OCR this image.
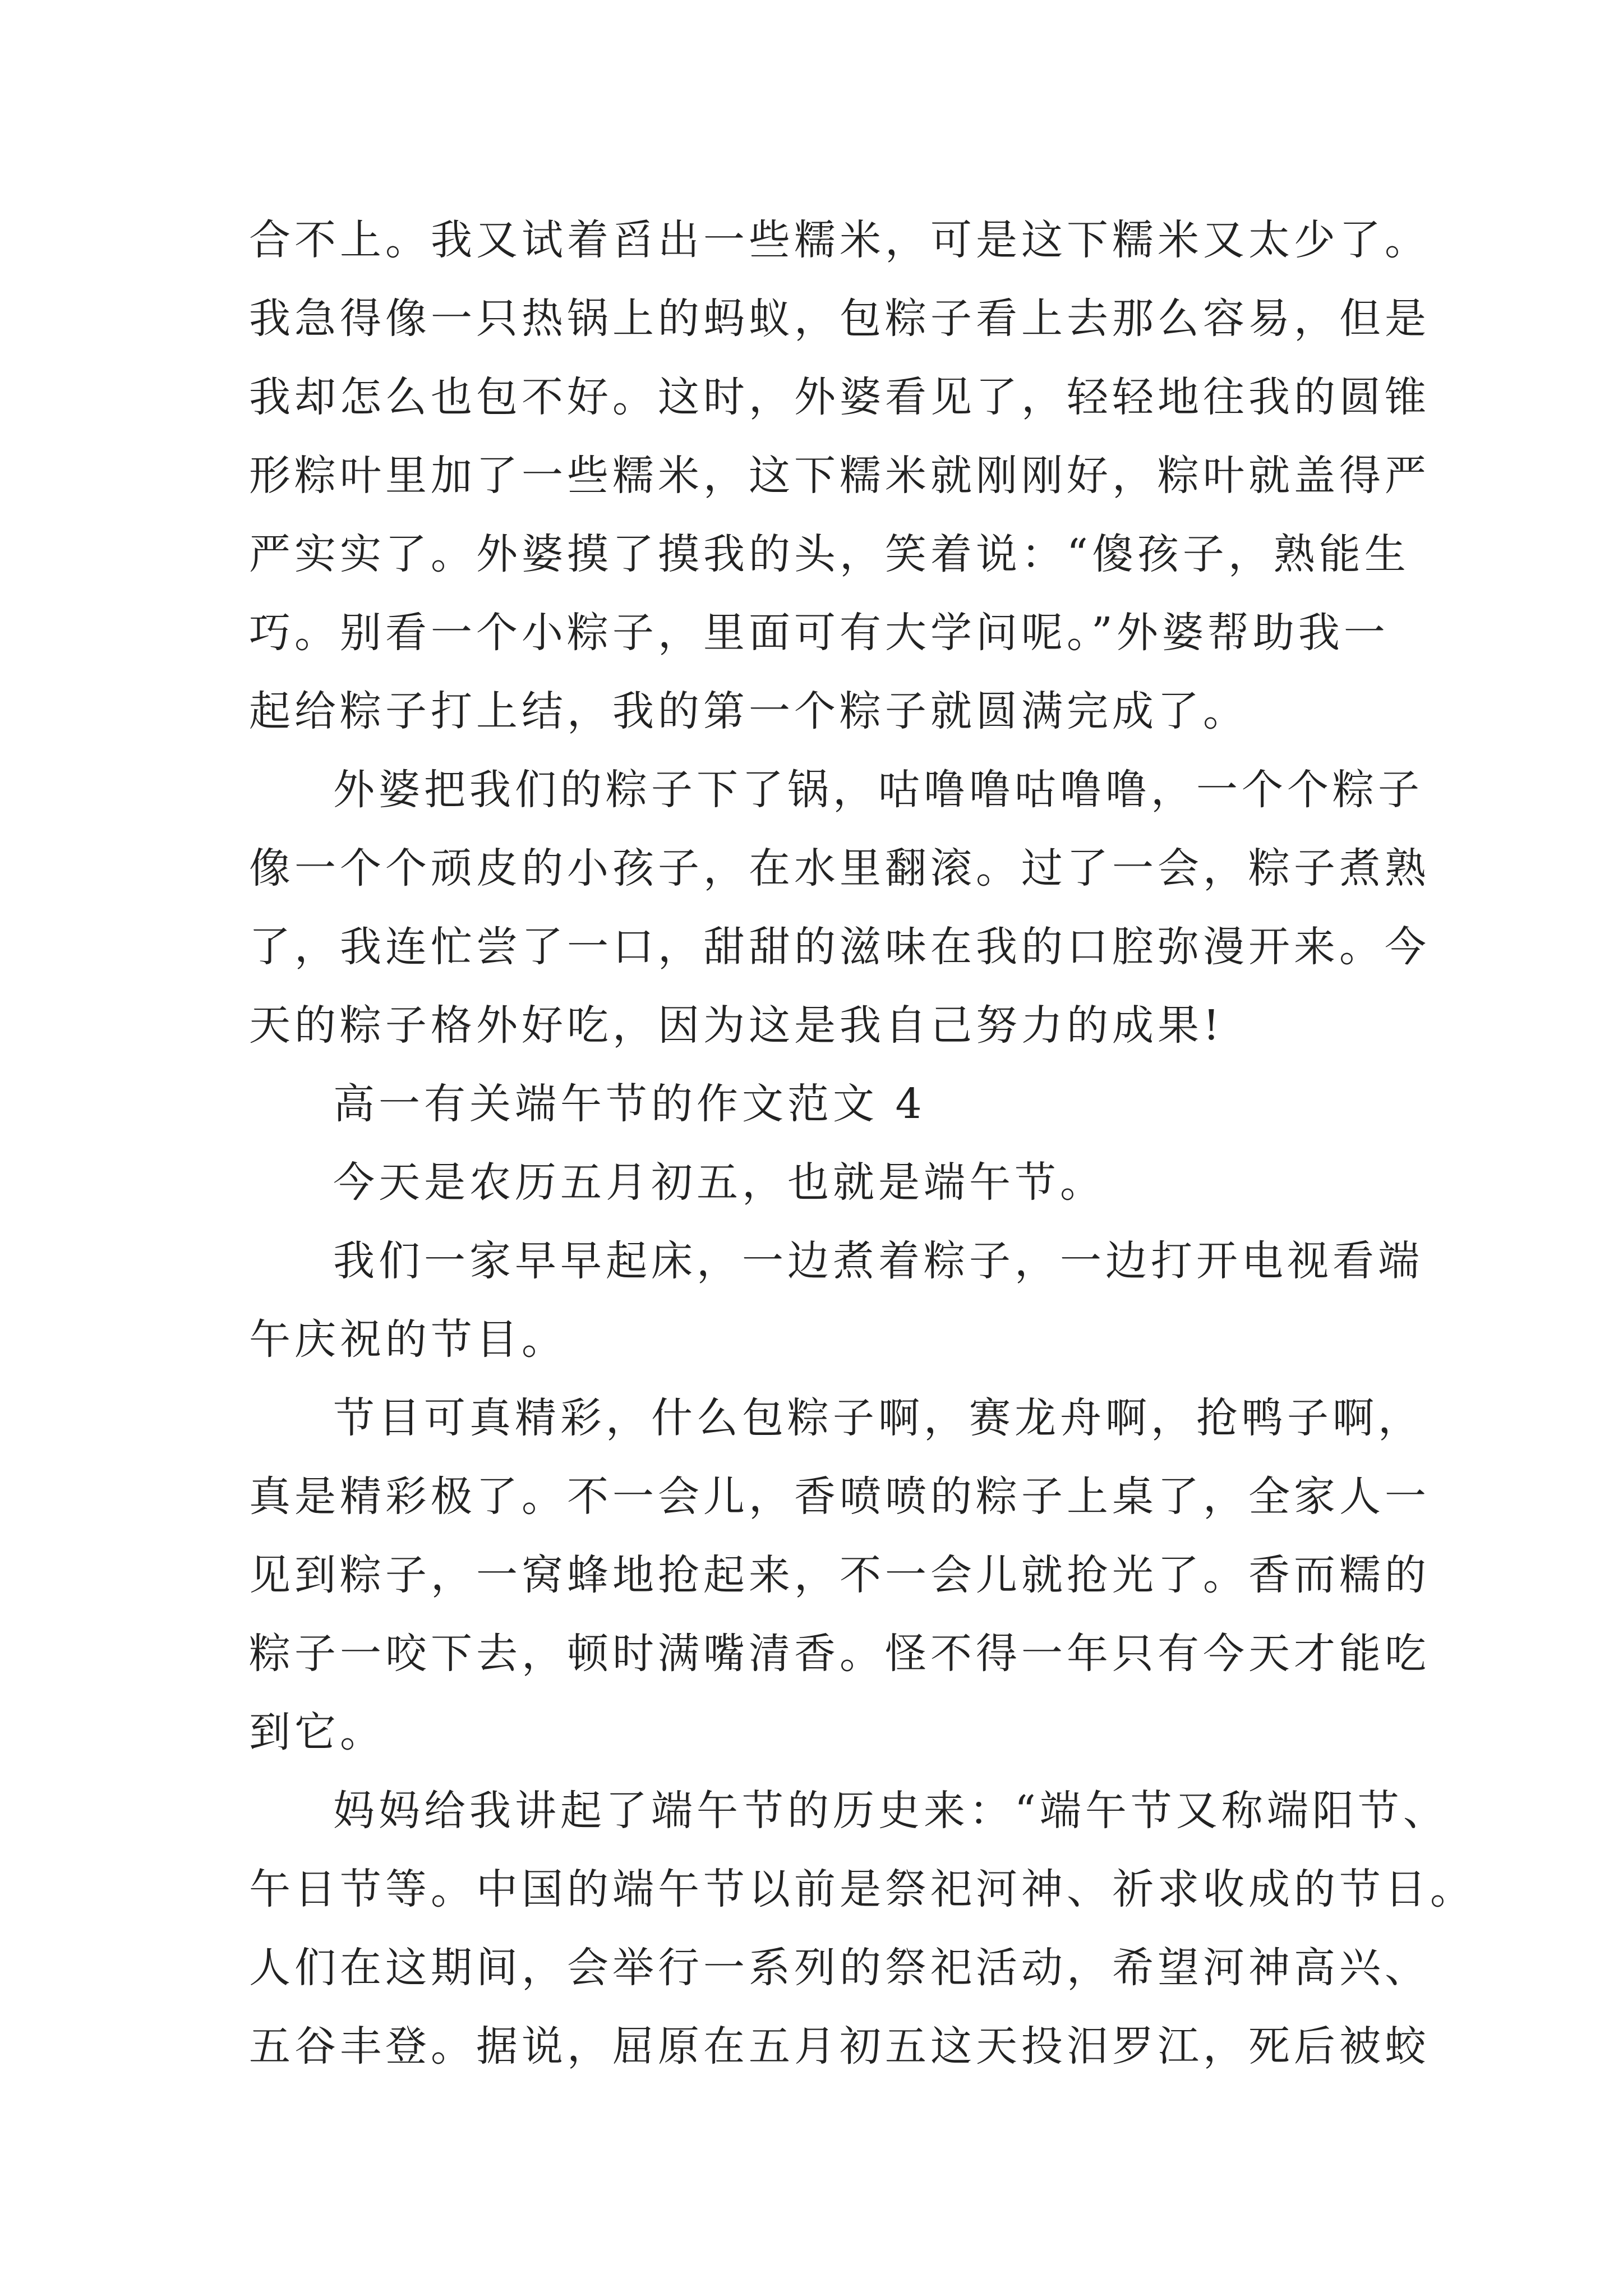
合不上。我又试着舀出一些糯米，可是这下糯米又太少了。
我急得像一只热锅上的蚂蚁，包粽子看上去那么容易，但是
我却怎么也包不好。这时，外婆看见了，轻轻地往我的圆锥
形粽叶里加了一些糯米，这下糯米就刚刚好，粽叶就盖得严
严实实了。外婆摸了摸我的头，笑着说：“傻孩子，熟能生
巧。别看一个小粽子，里面可有大学问呢。”外婆帮助我一
起给粽子打上结，我的第一个粽子就圆满完成了。
外婆把我们的粽子下了锅，咕噜噜咕噜噜，一个个粽子
像一个个顽皮的小孩子，在水里翻滚。过了一会，粽子煮熟
了，我连忙尝了一口，甜甜的滋味在我的口腔弥漫开来。今
天的粽子格外好吃，因为这是我自己努力的成果!
高一有关端午节的作文范文 4
今天是农历五月初五，也就是端午节。
我们一家早早起床，一边煮着粽子，一边打开电视看端
午庆祝的节目。
节目可真精彩，什么包粽子啊，赛龙舟啊，抢鸭子啊，
真是精彩极了。不一会儿，香喷喷的粽子上桌了，全家人一
见到粽子，一窝蜂地抢起来，不一会儿就抢光了。香而糯的
粽子一咬下去，顿时满嘴清香。怪不得一年只有今天才能吃
到它。
妈妈给我讲起了端午节的历史来：“端午节又称端阳节、
午日节等。中国的端午节以前是祭祀河神、祈求收成的节日。
人们在这期间，会举行一系列的祭祀活动，希望河神高兴、
五谷丰登。据说，屈原在五月初五这天投汨罗江，死后被蛟
